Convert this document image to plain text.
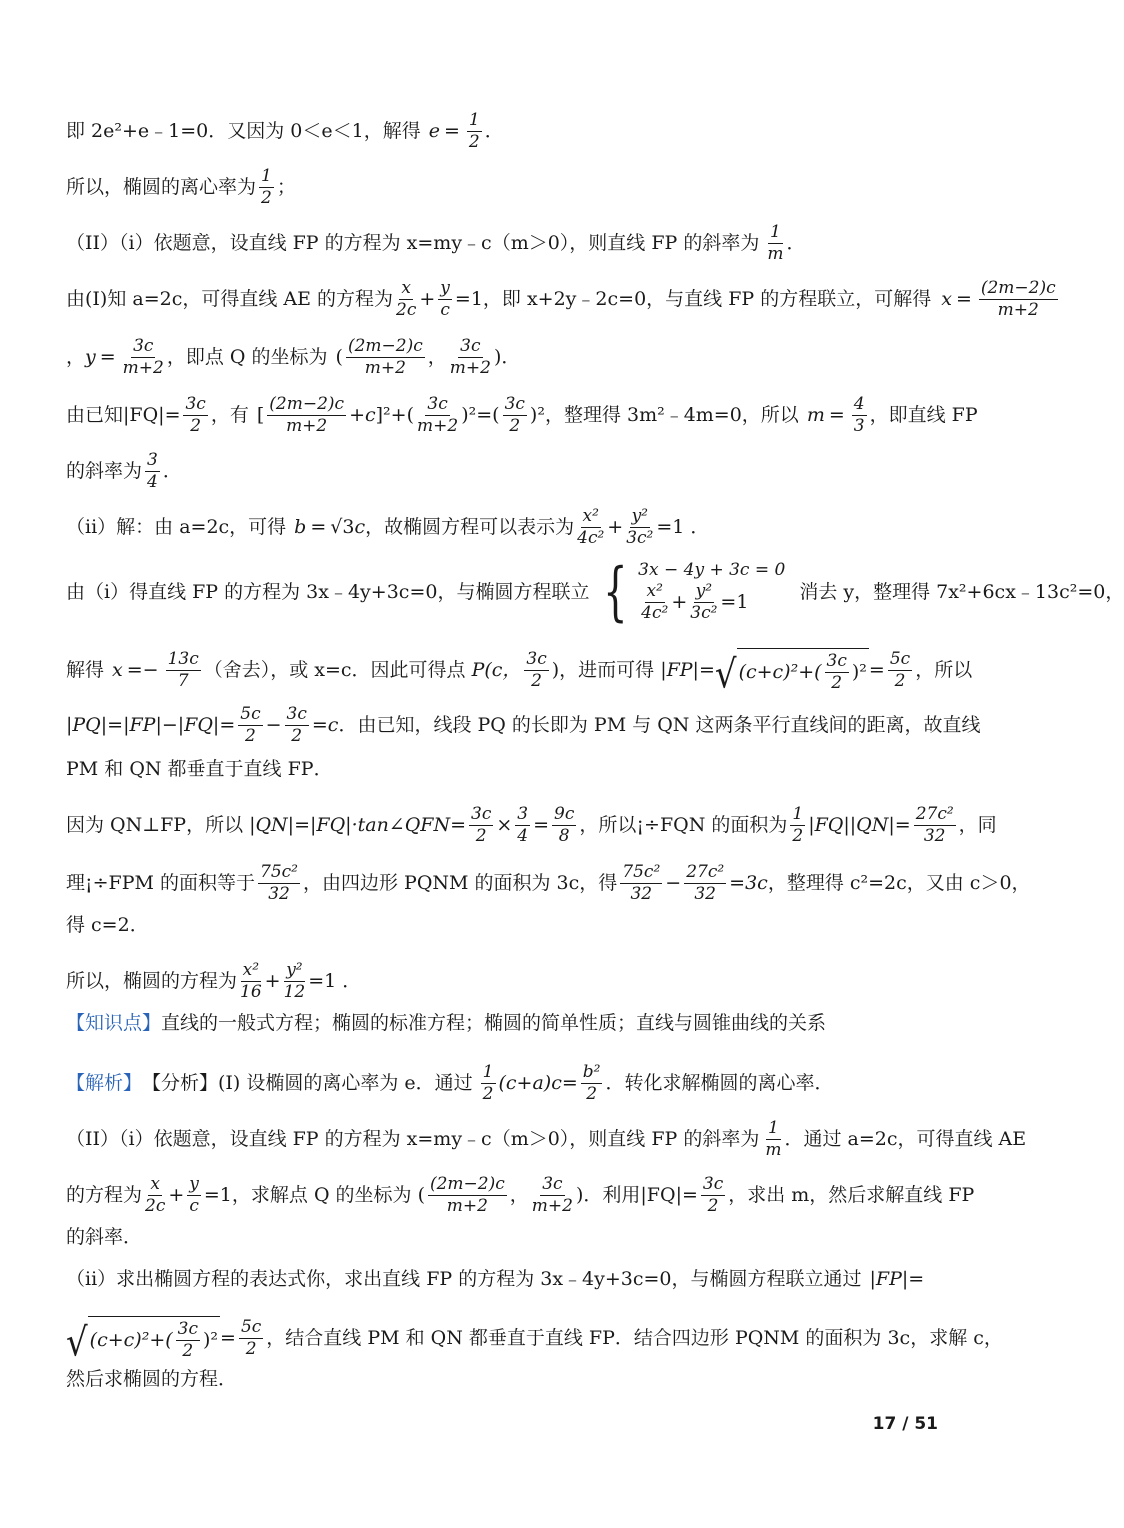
即 2e²+e﹣1=0．又因为 0＜e＜1，解得 $e = \frac{1}{2}$ ．
所以，椭圆的离心率为 $\frac{1}{2}$ ；
（II）（i）依题意，设直线 FP 的方程为 x=my﹣c（m＞0），则直线 FP 的斜率为 $\frac{1}{m}$ ．
由(I)知 a=2c，可得直线 AE 的方程为 $\frac{x}{2c} + \frac{y}{c} =1$ ，即 x+2y﹣2c=0，与直线 FP 的方程联立，可解得 $x = \frac{(2m-2)c}{m+2}$
， $y = \frac{3c}{m+2}$ ，即点 Q 的坐标为 ( $\frac{(2m-2)c}{m+2}$ ， $\frac{3c}{m+2}$ )．
由已知$|FQ|= \frac{3c}{2}$ ，有 [ $\frac{(2m-2)c}{m+2} +c$ ]$^2+( \frac{3c}{m+2} )^2=( \frac{3c}{2} )^2$ ，整理得 3m²﹣4m=0，所以 $m = \frac{4}{3}$ ，即直线 FP
的斜率为 $\frac{3}{4}$ ．
（ii）解：由 a=2c，可得 b = √3 c ，故椭圆方程可以表示为 $\frac{\text{x²}}{\text{4c²}} + \frac{\text{y²}}{\text{3c²}} =1$ ．
由（i）得直线 FP 的方程为 3x﹣4y+3c=0，与椭圆方程联立 { 3x − 4y + 3c = 0
$\frac{\text{x²}}{\text{4c²}} + \frac{\text{y²}}{\text{3c²}} =1$	消去 y，整理得 7x²+6cx﹣13c²=0，
解得 $x =- \frac{13c}{7}$ （舍去），或 x=c．因此可得点 P(c， $\frac{3c}{2}$ ) ，进而可得 |FP|= √ $(c+c)^2+( \frac{3c}{2} )^2 = \frac{5c}{2}$ ，所以
$|PQ|=|FP|-|FQ|= \frac{5c}{2} - \frac{3c}{2} =c$ ．由已知，线段 PQ 的长即为 PM 与 QN 这两条平行直线间的距离，故直线
PM 和 QN 都垂直于直线 FP．
因为 QN⊥FP，所以 |QN|=|FQ|·tan∠QFN= $\frac{3c}{2} \times \frac{3}{4} = \frac{9c}{8}$ ，所以¡÷FQN 的面积为 $\frac{1}{2} |FQ||QN|= \frac{\text{27c²}}{32}$ ，同
理¡÷FPM 的面积等于 $\frac{\text{75c²}}{32}$ ，由四边形 PQNM 的面积为 3c，得 $\frac{\text{75c²}}{32} - \frac{\text{27c²}}{32} =3c$ ，整理得 c²=2c，又由 c＞0，
得 c=2．
所以，椭圆的方程为 $\frac{\text{x²}}{16} + \frac{\text{y²}}{12} =1$ ．
【知识点】 直线的一般式方程；椭圆的标准方程；椭圆的简单性质；直线与圆锥曲线的关系
【解析】 【分析】(I) 设椭圆的离心率为 e．通过 $\frac{1}{2} (c+a)c= \frac{\text{b²}}{2}$ ．转化求解椭圆的离心率．
（II）（i）依题意，设直线 FP 的方程为 x=my﹣c（m＞0），则直线 FP 的斜率为 $\frac{1}{m}$ ．通过 a=2c，可得直线 AE
的方程为 $\frac{x}{2c} + \frac{y}{c} =1$ ，求解点 Q 的坐标为 ( $\frac{(2m-2)c}{m+2}$ ， $\frac{3c}{m+2}$ ) ．利用$|FQ|= \frac{3c}{2}$ ，求出 m，然后求解直线 FP
的斜率．
（ii）求出椭圆方程的表达式你，求出直线 FP 的方程为 3x﹣4y+3c=0，与椭圆方程联立通过 |FP|=
√ $(c+c)^2+( \frac{3c}{2} )^2 = \frac{5c}{2}$ ，结合直线 PM 和 QN 都垂直于直线 FP．结合四边形 PQNM 的面积为 3c，求解 c，
然后求椭圆的方程．
17 / 51
